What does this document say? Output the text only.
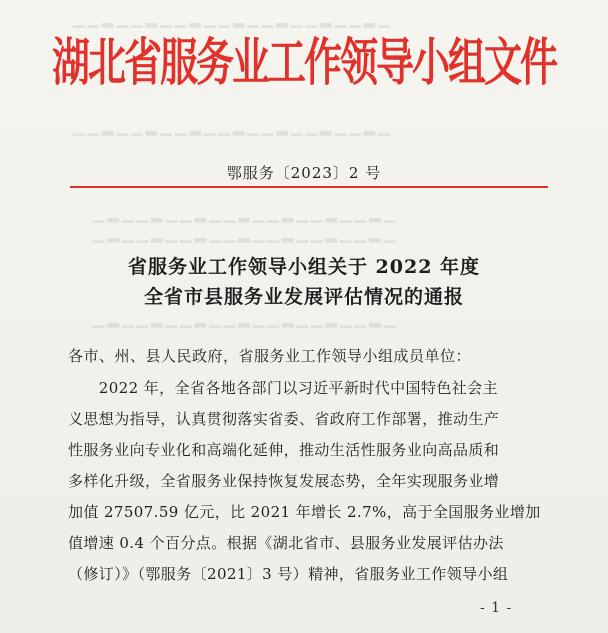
▁▂▁▁▂▁▁▂▁▁▂▁▁▂▁▁▂▁▁▂▁▁
▁▂▁▁▂▁▁▂▁▁▂▁▁▂▁▁▂▁▁▂▁▁
▁▂▁▁▂▁▁▂▁▁▂▁▁▂▁▁▂▁▁▂▁
▁▂▁▁▂▁▁▂▁▁▂▁▁▂▁▁▂▁▁▂▁
▁▂▁▁▂▁▁▂▁▁▂▁▁▂▁▁▂▁▁▂▁
湖北省服务业工作领导小组文件
鄂服务〔2023〕2 号
省服务业工作领导小组关于 2022 年度
全省市县服务业发展评估情况的通报
各市、州、县人民政府，省服务业工作领导小组成员单位：
　　2022 年，全省各地各部门以习近平新时代中国特色社会主
义思想为指导，认真贯彻落实省委、省政府工作部署，推动生产
性服务业向专业化和高端化延伸，推动生活性服务业向高品质和
多样化升级，全省服务业保持恢复发展态势，全年实现服务业增
加值 27507.59 亿元，比 2021 年增长 2.7%，高于全国服务业增加
值增速 0.4 个百分点。根据《湖北省市、县服务业发展评估办法
（修订）》（鄂服务〔2021〕3 号）精神，省服务业工作领导小组
- 1 -
